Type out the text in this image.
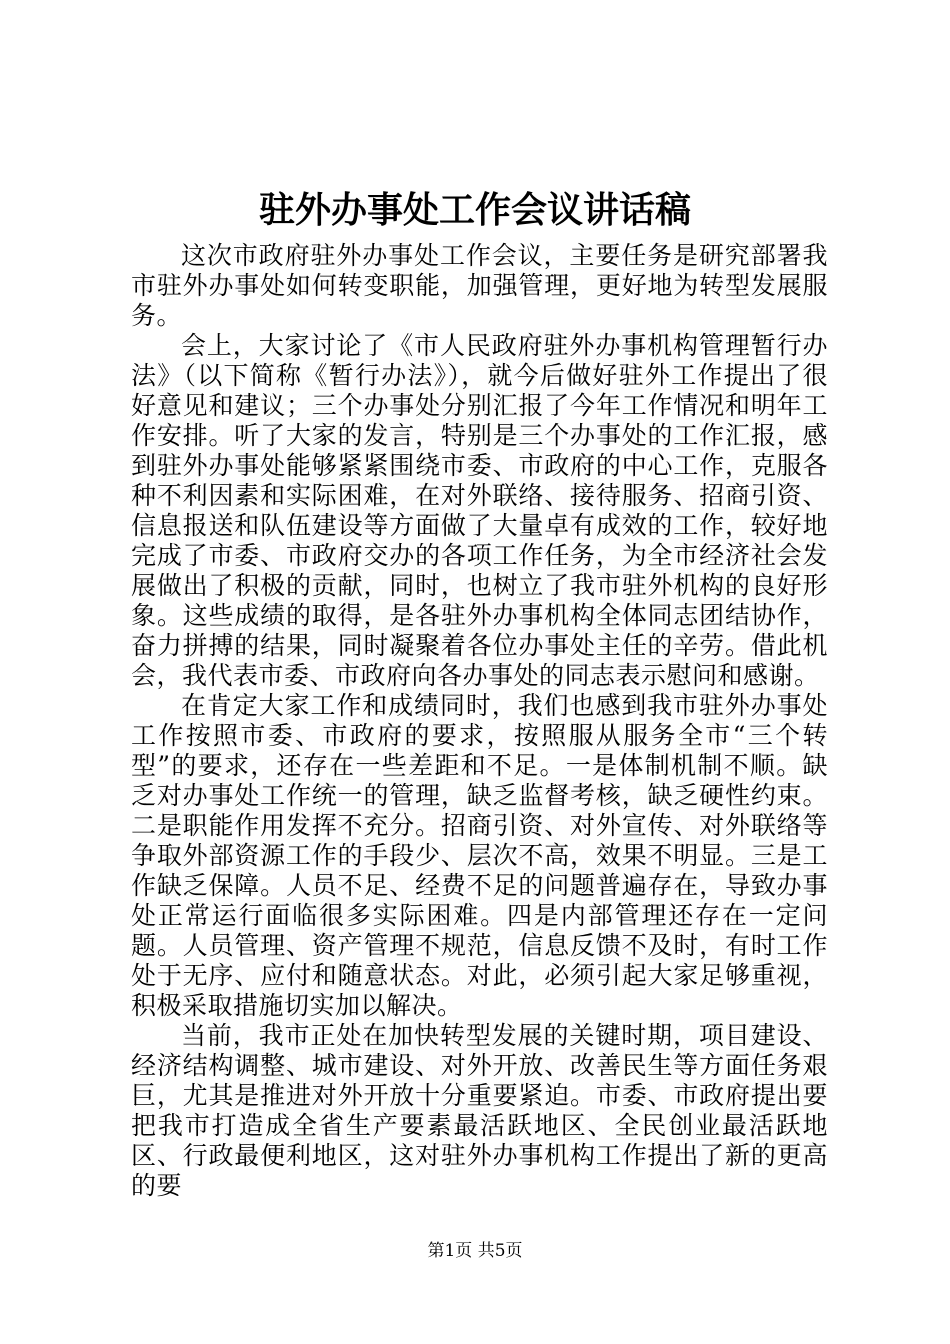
驻外办事处工作会议讲话稿

这次市政府驻外办事处工作会议，主要任务是研究部署我市驻外办事处如何转变职能，加强管理，更好地为转型发展服务。

会上，大家讨论了《市人民政府驻外办事机构管理暂行办法》（以下简称《暂行办法》），就今后做好驻外工作提出了很好意见和建议；三个办事处分别汇报了今年工作情况和明年工作安排。听了大家的发言，特别是三个办事处的工作汇报，感到驻外办事处能够紧紧围绕市委、市政府的中心工作，克服各种不利因素和实际困难，在对外联络、接待服务、招商引资、信息报送和队伍建设等方面做了大量卓有成效的工作，较好地完成了市委、市政府交办的各项工作任务，为全市经济社会发展做出了积极的贡献，同时，也树立了我市驻外机构的良好形象。这些成绩的取得，是各驻外办事机构全体同志团结协作，奋力拼搏的结果，同时凝聚着各位办事处主任的辛劳。借此机会，我代表市委、市政府向各办事处的同志表示慰问和感谢。

在肯定大家工作和成绩同时，我们也感到我市驻外办事处工作按照市委、市政府的要求，按照服从服务全市“三个转型”的要求，还存在一些差距和不足。一是体制机制不顺。缺乏对办事处工作统一的管理，缺乏监督考核，缺乏硬性约束。二是职能作用发挥不充分。招商引资、对外宣传、对外联络等争取外部资源工作的手段少、层次不高，效果不明显。三是工作缺乏保障。人员不足、经费不足的问题普遍存在，导致办事处正常运行面临很多实际困难。四是内部管理还存在一定问题。人员管理、资产管理不规范，信息反馈不及时，有时工作处于无序、应付和随意状态。对此，必须引起大家足够重视，积极采取措施切实加以解决。

当前，我市正处在加快转型发展的关键时期，项目建设、经济结构调整、城市建设、对外开放、改善民生等方面任务艰巨，尤其是推进对外开放十分重要紧迫。市委、市政府提出要把我市打造成全省生产要素最活跃地区、全民创业最活跃地区、行政最便利地区，这对驻外办事机构工作提出了新的更高的要

第1页 共5页
